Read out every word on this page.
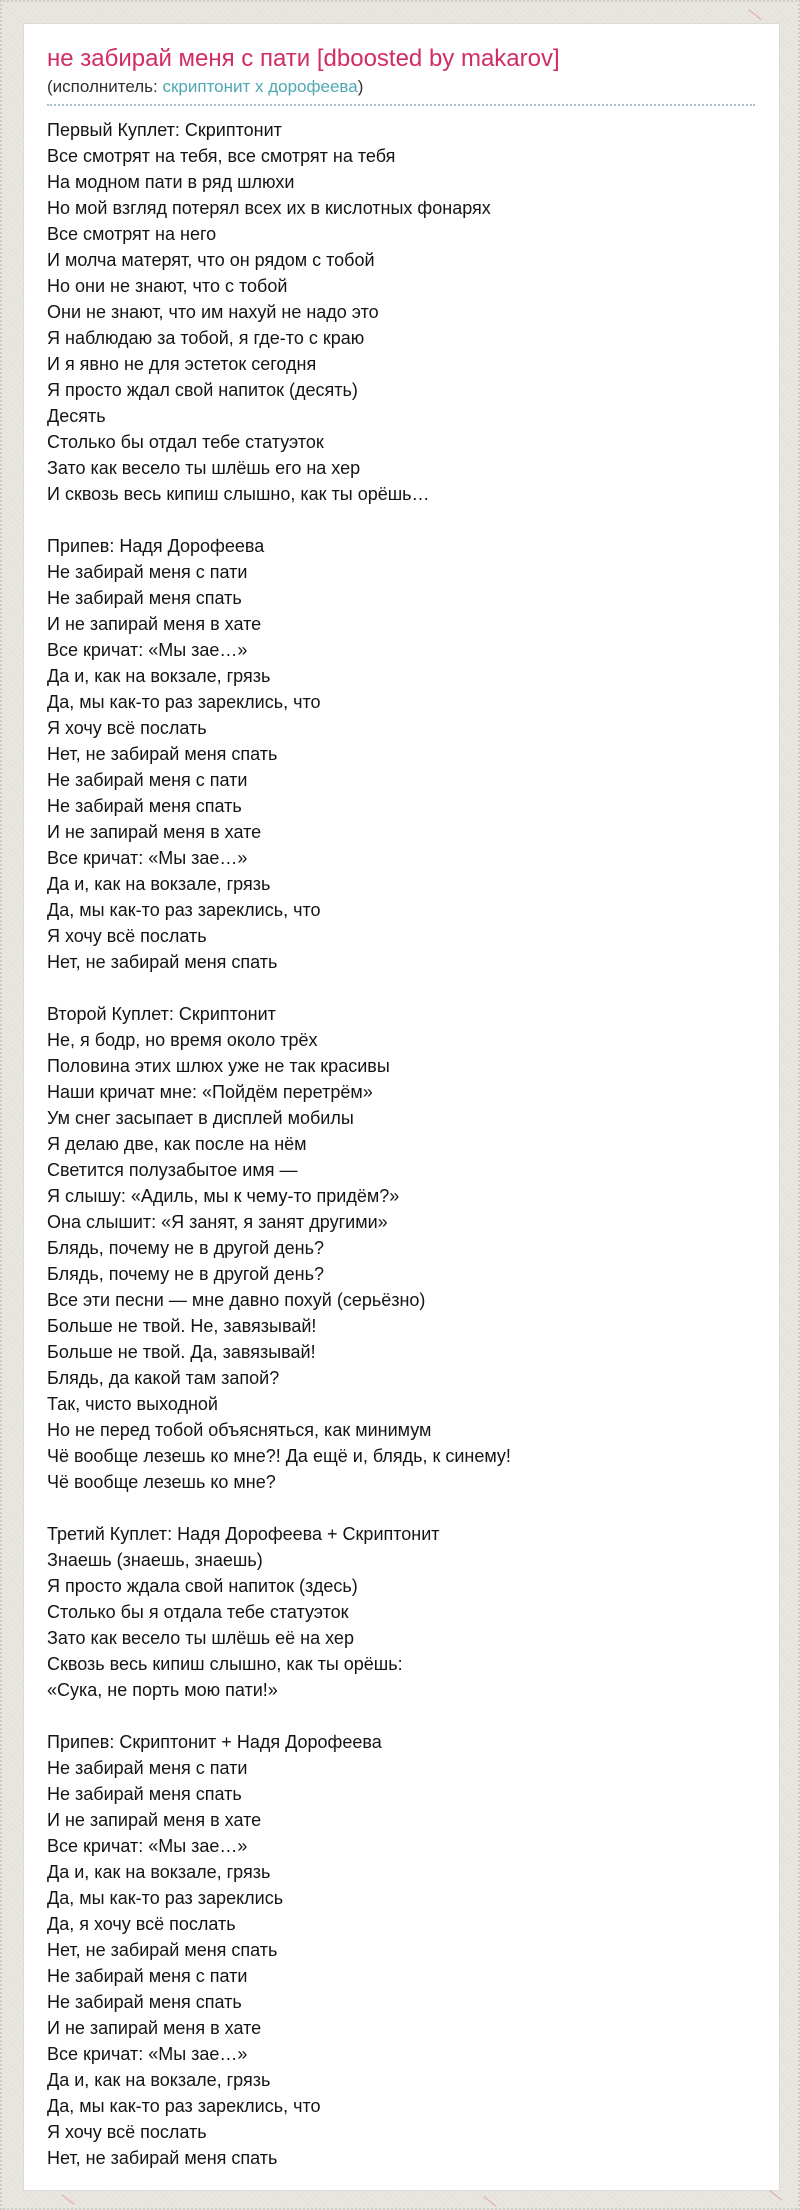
не забирай меня с пати [dboosted by makarov]
(исполнитель: скриптонит х дорофеева)
Первый Куплет: Скриптонит
Все смотрят на тебя, все смотрят на тебя
На модном пати в ряд шлюхи
Но мой взгляд потерял всех их в кислотных фонарях
Все смотрят на него
И молча матерят, что он рядом с тобой
Но они не знают, что с тобой
Они не знают, что им нахуй не надо это
Я наблюдаю за тобой, я где-то с краю
И я явно не для эстеток сегодня
Я просто ждал свой напиток (десять)
Десять
Столько бы отдал тебе статуэток
Зато как весело ты шлёшь его на хер
И сквозь весь кипиш слышно, как ты орёшь…
Припев: Надя Дорофеева
Не забирай меня с пати
Не забирай меня спать
И не запирай меня в хате
Все кричат: «Мы зае…»
Да и, как на вокзале, грязь
Да, мы как-то раз зареклись, что
Я хочу всё послать
Нет, не забирай меня спать
Не забирай меня с пати
Не забирай меня спать
И не запирай меня в хате
Все кричат: «Мы зае…»
Да и, как на вокзале, грязь
Да, мы как-то раз зареклись, что
Я хочу всё послать
Нет, не забирай меня спать
Второй Куплет: Скриптонит
Не, я бодр, но время около трёх
Половина этих шлюх уже не так красивы
Наши кричат мне: «Пойдём перетрём»
Ум снег засыпает в дисплей мобилы
Я делаю две, как после на нём
Светится полузабытое имя —
Я слышу: «Адиль, мы к чему-то придём?»
Она слышит: «Я занят, я занят другими»
Блядь, почему не в другой день?
Блядь, почему не в другой день?
Все эти песни — мне давно похуй (серьёзно)
Больше не твой. Не, завязывай!
Больше не твой. Да, завязывай!
Блядь, да какой там запой?
Так, чисто выходной
Но не перед тобой объясняться, как минимум
Чё вообще лезешь ко мне?! Да ещё и, блядь, к синему!
Чё вообще лезешь ко мне?
Третий Куплет: Надя Дорофеева + Скриптонит
Знаешь (знаешь, знаешь)
Я просто ждала свой напиток (здесь)
Столько бы я отдала тебе статуэток
Зато как весело ты шлёшь её на хер
Сквозь весь кипиш слышно, как ты орёшь:
«Сука, не порть мою пати!»
Припев: Скриптонит + Надя Дорофеева
Не забирай меня с пати
Не забирай меня спать
И не запирай меня в хате
Все кричат: «Мы зае…»
Да и, как на вокзале, грязь
Да, мы как-то раз зареклись
Да, я хочу всё послать
Нет, не забирай меня спать
Не забирай меня с пати
Не забирай меня спать
И не запирай меня в хате
Все кричат: «Мы зае…»
Да и, как на вокзале, грязь
Да, мы как-то раз зареклись, что
Я хочу всё послать
Нет, не забирай меня спать
